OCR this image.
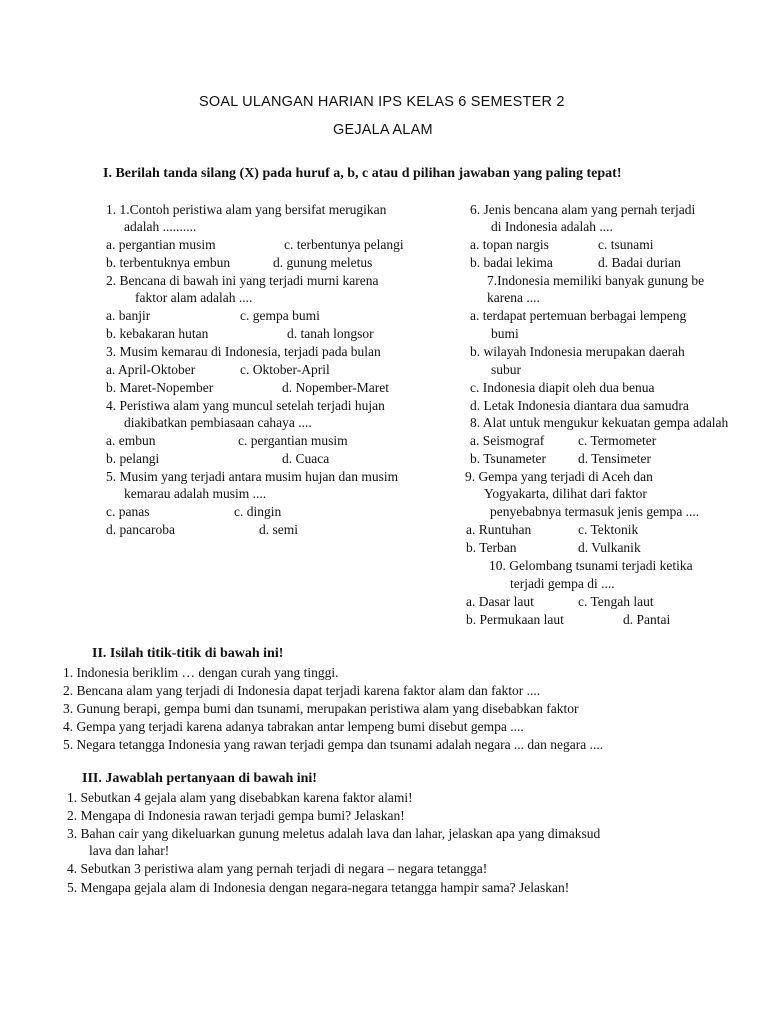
SOAL ULANGAN HARIAN IPS KELAS 6 SEMESTER 2
GEJALA ALAM
I. Berilah tanda silang (X) pada huruf a, b, c atau d pilihan jawaban yang paling tepat!
1. 1.Contoh peristiwa alam yang bersifat merugikan
adalah ..........
a. pergantian musim	c. terbentunya pelangi
b. terbentuknya embun	d. gunung meletus
2. Bencana di bawah ini yang terjadi murni karena
faktor alam adalah ....
a. banjir	c. gempa bumi
b. kebakaran hutan	d. tanah longsor
3. Musim kemarau di Indonesia, terjadi pada bulan
a. April-Oktober	c. Oktober-April
b. Maret-Nopember	d. Nopember-Maret
4. Peristiwa alam yang muncul setelah terjadi hujan
diakibatkan pembiasaan cahaya ....
a. embun	c. pergantian musim
b. pelangi	d. Cuaca
5. Musim yang terjadi antara musim hujan dan musim
kemarau adalah musim ....
c. panas	c. dingin
d. pancaroba	d. semi
6. Jenis bencana alam yang pernah terjadi
di Indonesia adalah ....
a. topan nargis	c. tsunami
b. badai lekima	d. Badai durian
7.Indonesia memiliki banyak gunung be
karena ....
a. terdapat pertemuan berbagai lempeng
bumi
b. wilayah Indonesia merupakan daerah
subur
c. Indonesia diapit oleh dua benua
d. Letak Indonesia diantara dua samudra
8. Alat untuk mengukur kekuatan gempa adalah
a. Seismograf	c. Termometer
b. Tsunameter d. Tensimeter
9. Gempa yang terjadi di Aceh dan
Yogyakarta, dilihat dari faktor
penyebabnya termasuk jenis gempa ....
a. Runtuhan	c. Tektonik
b. Terban	d. Vulkanik
10. Gelombang tsunami terjadi ketika
terjadi gempa di ....
a. Dasar laut	c. Tengah laut
b. Permukaan laut	d. Pantai
II. Isilah titik-titik di bawah ini!
1. Indonesia beriklim … dengan curah yang tinggi.
2. Bencana alam yang terjadi di Indonesia dapat terjadi karena faktor alam dan faktor ....
3. Gunung berapi, gempa bumi dan tsunami, merupakan peristiwa alam yang disebabkan faktor
4. Gempa yang terjadi karena adanya tabrakan antar lempeng bumi disebut gempa ....
5. Negara tetangga Indonesia yang rawan terjadi gempa dan tsunami adalah negara ... dan negara ....
III. Jawablah pertanyaan di bawah ini!
1. Sebutkan 4 gejala alam yang disebabkan karena faktor alami!
2. Mengapa di Indonesia rawan terjadi gempa bumi? Jelaskan!
3. Bahan cair yang dikeluarkan gunung meletus adalah lava dan lahar, jelaskan apa yang dimaksud
lava dan lahar!
4. Sebutkan 3 peristiwa alam yang pernah terjadi di negara – negara tetangga!
5. Mengapa gejala alam di Indonesia dengan negara-negara tetangga hampir sama? Jelaskan!
